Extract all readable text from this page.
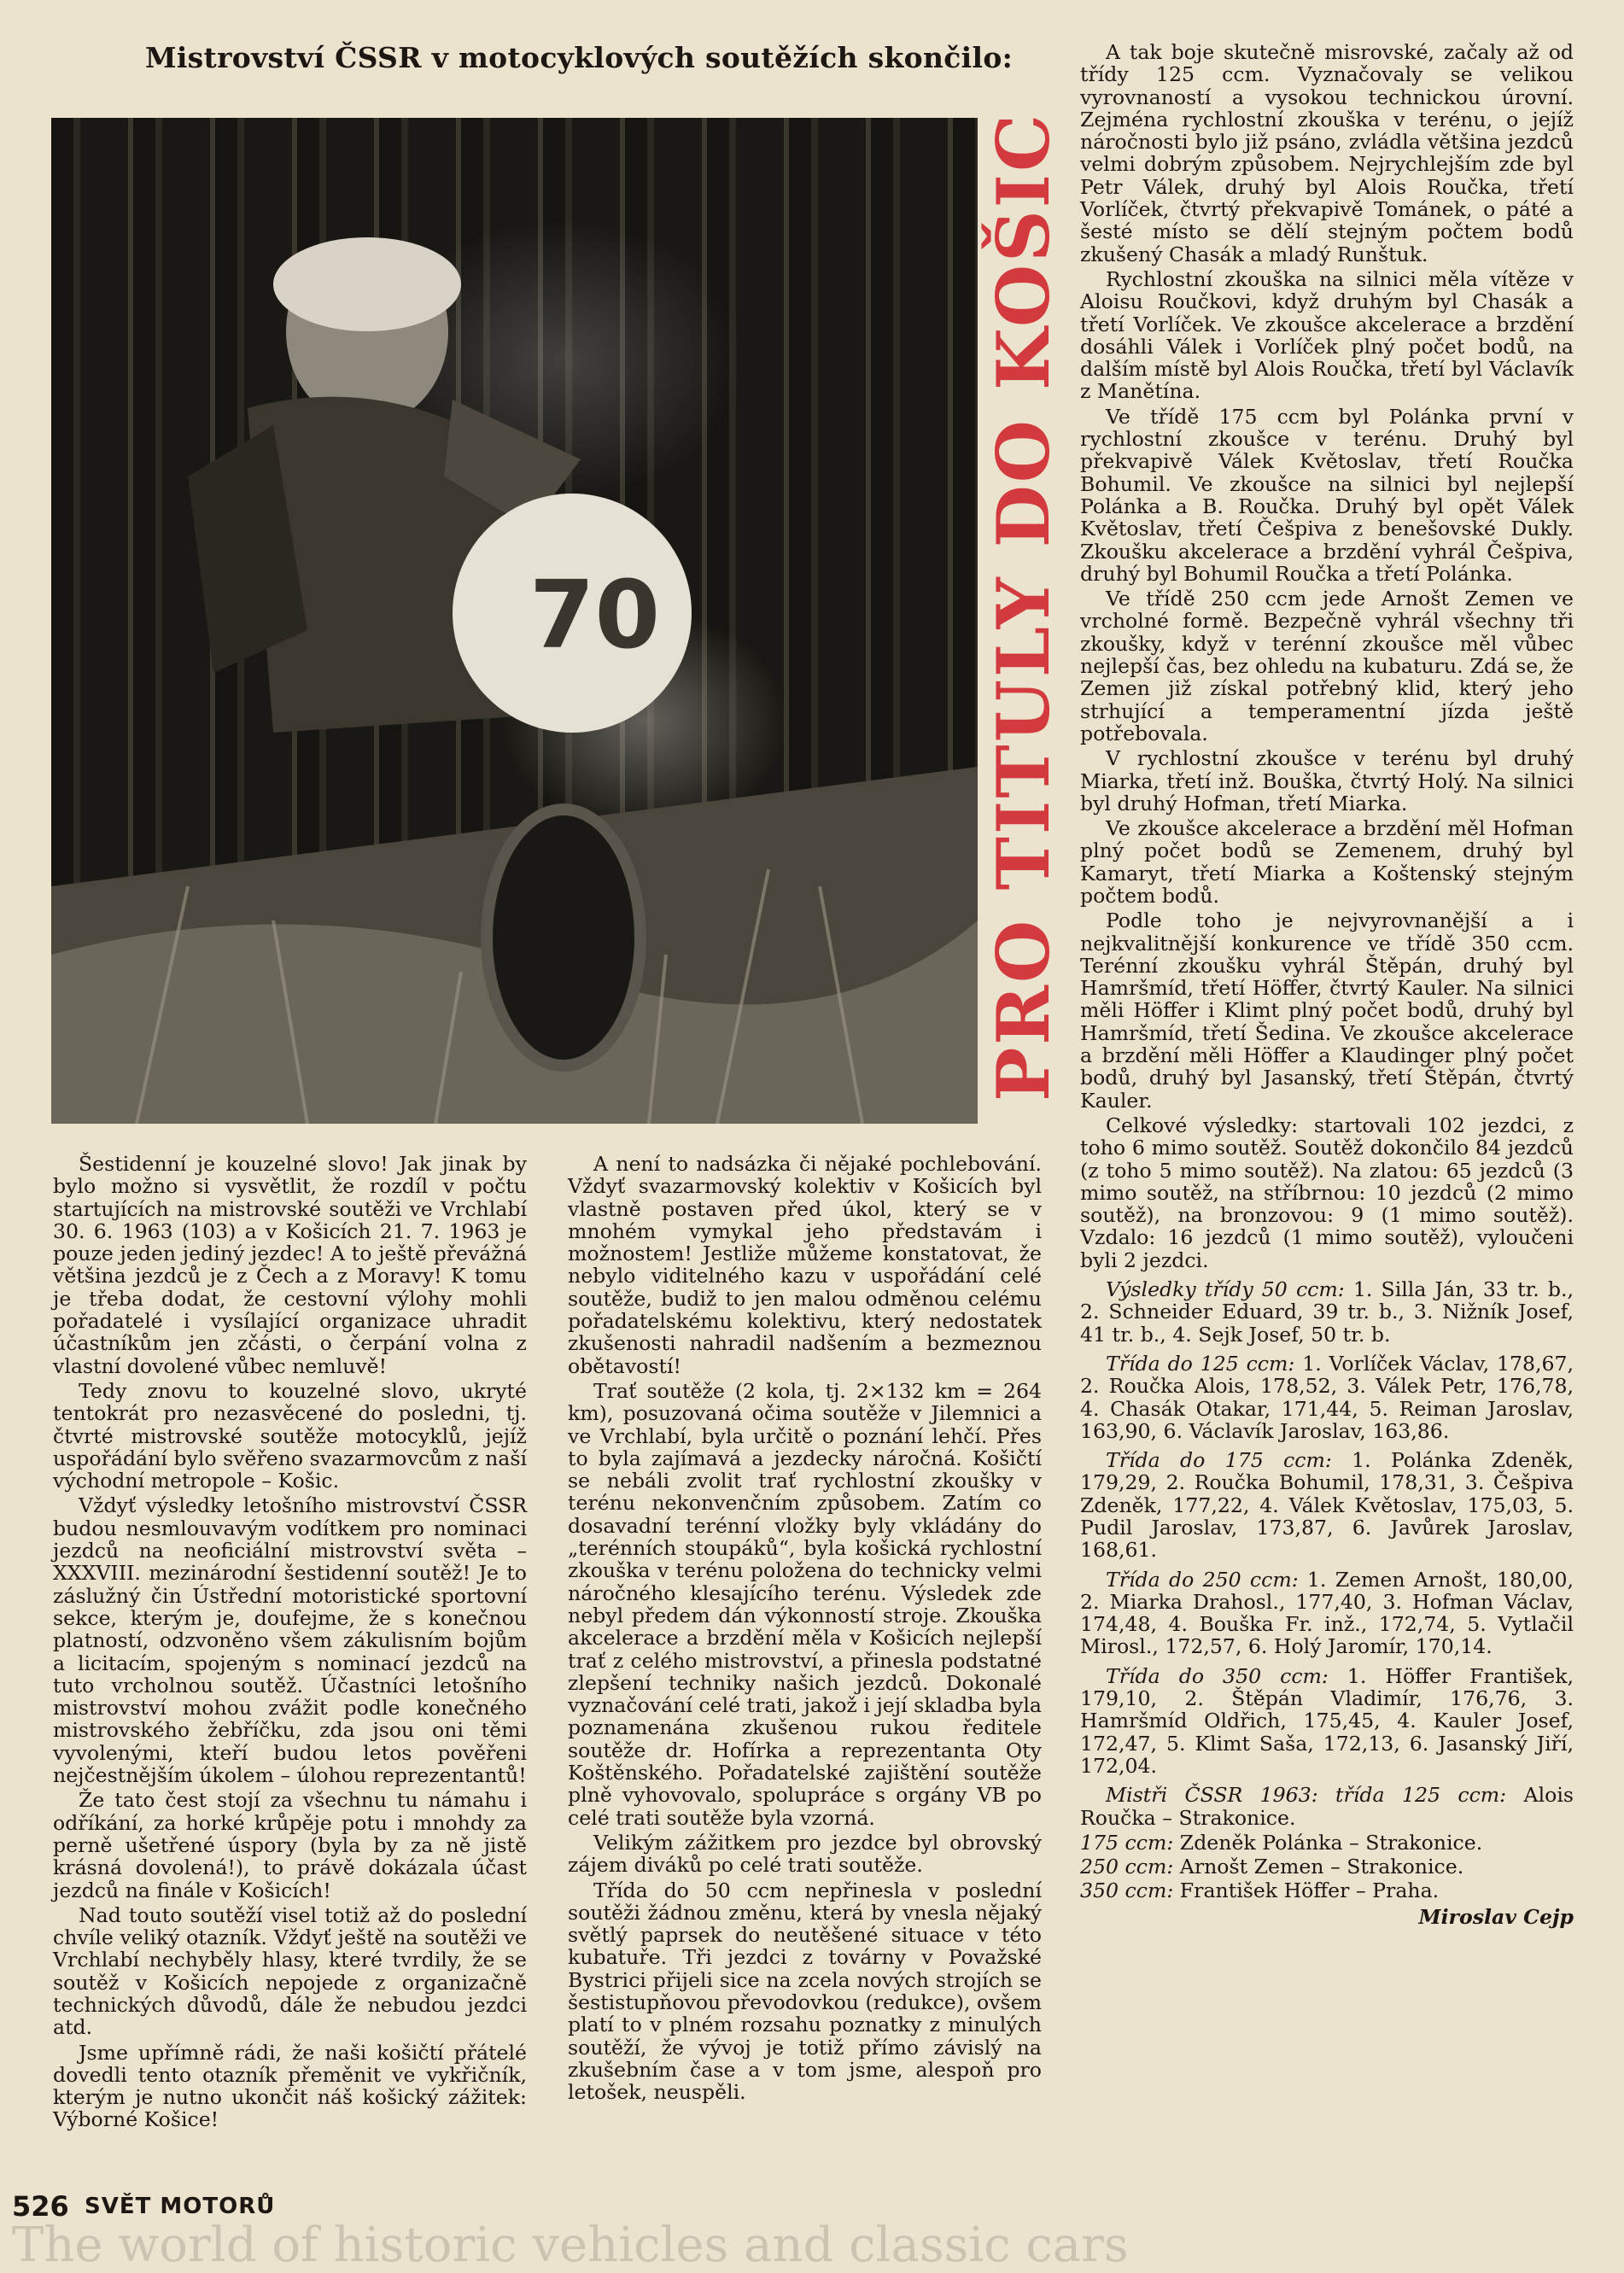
Mistrovství ČSSR v motocyklových soutěžích skončilo:
70	PRO TITULY DO KOŠIC

Šestidenní je kouzelné slovo! Jak jinak by bylo možno si vysvětlit, že rozdíl v počtu startujících na mistrovské soutěži ve Vrchlabí 30. 6. 1963 (103) a v Košicích 21. 7. 1963 je pouze jeden jediný jezdec! A to ještě převážná většina jezdců je z Čech a z Moravy! K tomu je třeba dodat, že cestovní výlohy mohli pořadatelé i vysílající organizace uhradit účastníkům jen zčásti, o čerpání volna z vlastní dovolené vůbec nemluvě!

Tedy znovu to kouzelné slovo, ukryté tentokrát pro nezasvěcené do posledni, tj. čtvrté mistrovské soutěže motocyklů, jejíž uspořádání bylo svěřeno svazarmovcům z naší východní metropole – Košic.

Vždyť výsledky letošního mistrovství ČSSR budou nesmlouvavým vodítkem pro nominaci jezdců na neoficiální mistrovství světa – XXXVIII. mezinárodní šestidenní soutěž! Je to záslužný čin Ústřední motoristické sportovní sekce, kterým je, doufejme, že s konečnou platností, odzvoněno všem zákulisním bojům a licitacím, spojeným s nominací jezdců na tuto vrcholnou soutěž. Účastníci letošního mistrovství mohou zvážit podle konečného mistrovského žebříčku, zda jsou oni těmi vyvolenými, kteří budou letos pověřeni nejčestnějším úkolem – úlohou reprezentantů!

Že tato čest stojí za všechnu tu námahu i odříkání, za horké krůpěje potu i mnohdy za perně ušetřené úspory (byla by za ně jistě krásná dovolená!), to právě dokázala účast jezdců na finále v Košicích!

Nad touto soutěží visel totiž až do poslední chvíle veliký otazník. Vždyť ještě na soutěži ve Vrchlabí nechyběly hlasy, které tvrdily, že se soutěž v Košicích nepojede z organizačně technických důvodů, dále že nebudou jezdci atd.

Jsme upřímně rádi, že naši košičtí přátelé dovedli tento otazník přeměnit ve vykřičník, kterým je nutno ukončit náš košický zážitek: Výborné Košice!

A není to nadsázka či nějaké pochlebování. Vždyť svazarmovský kolektiv v Košicích byl vlastně postaven před úkol, který se v mnohém vymykal jeho představám i možnostem! Jestliže můžeme konstatovat, že nebylo viditelného kazu v uspořádání celé soutěže, budiž to jen malou odměnou celému pořadatelskému kolektivu, který nedostatek zkušenosti nahradil nadšením a bezmeznou obětavostí!

Trať soutěže (2 kola, tj. 2×132 km = 264 km), posuzovaná očima soutěže v Jilemnici a ve Vrchlabí, byla určitě o poznání lehčí. Přes to byla zajímavá a jezdecky náročná. Košičtí se nebáli zvolit trať rychlostní zkoušky v terénu nekonvenčním způsobem. Zatím co dosavadní terénní vložky byly vkládány do „terénních stoupáků“, byla košická rychlostní zkouška v terénu položena do technicky velmi náročného klesajícího terénu. Výsledek zde nebyl předem dán výkonností stroje. Zkouška akcelerace a brzdění měla v Košicích nejlepší trať z celého mistrovství, a přinesla podstatné zlepšení techniky našich jezdců. Dokonalé vyznačování celé trati, jakož i její skladba byla poznamenána zkušenou rukou ředitele soutěže dr. Hofírka a reprezentanta Oty Koštěnského. Pořadatelské zajištění soutěže plně vyhovovalo, spolupráce s orgány VB po celé trati soutěže byla vzorná.

Velikým zážitkem pro jezdce byl obrovský zájem diváků po celé trati soutěže.

Třída do 50 ccm nepřinesla v poslední soutěži žádnou změnu, která by vnesla nějaký světlý paprsek do neutěšené situace v této kubatuře. Tři jezdci z továrny v Považské Bystrici přijeli sice na zcela nových strojích se šestistupňovou převodovkou (redukce), ovšem platí to v plném rozsahu poznatky z minulých soutěží, že vývoj je totiž přímo závislý na zkušebním čase a v tom jsme, alespoň pro letošek, neuspěli.

A tak boje skutečně misrovské, začaly až od třídy 125 ccm. Vyznačovaly se velikou vyrovnaností a vysokou technickou úrovní. Zejména rychlostní zkouška v terénu, o jejíž náročnosti bylo již psáno, zvládla většina jezdců velmi dobrým způsobem. Nejrychlejším zde byl Petr Válek, druhý byl Alois Roučka, třetí Vorlíček, čtvrtý překvapivě Tománek, o páté a šesté místo se dělí stejným počtem bodů zkušený Chasák a mladý Runštuk.

Rychlostní zkouška na silnici měla vítěze v Aloisu Roučkovi, když druhým byl Chasák a třetí Vorlíček. Ve zkoušce akcelerace a brzdění dosáhli Válek i Vorlíček plný počet bodů, na dalším místě byl Alois Roučka, třetí byl Václavík z Manětína.

Ve třídě 175 ccm byl Polánka první v rychlostní zkoušce v terénu. Druhý byl překvapivě Válek Květoslav, třetí Roučka Bohumil. Ve zkoušce na silnici byl nejlepší Polánka a B. Roučka. Druhý byl opět Válek Květoslav, třetí Češpiva z benešovské Dukly. Zkoušku akcelerace a brzdění vyhrál Češpiva, druhý byl Bohumil Roučka a třetí Polánka.

Ve třídě 250 ccm jede Arnošt Zemen ve vrcholné formě. Bezpečně vyhrál všechny tři zkoušky, když v terénní zkoušce měl vůbec nejlepší čas, bez ohledu na kubaturu. Zdá se, že Zemen již získal potřebný klid, který jeho strhující a temperamentní jízda ještě potřebovala.

V rychlostní zkoušce v terénu byl druhý Miarka, třetí inž. Bouška, čtvrtý Holý. Na silnici byl druhý Hofman, třetí Miarka.

Ve zkoušce akcelerace a brzdění měl Hofman plný počet bodů se Zemenem, druhý byl Kamaryt, třetí Miarka a Koštenský stejným počtem bodů.

Podle toho je nejvyrovnanější a i nejkvalitnější konkurence ve třídě 350 ccm. Terénní zkoušku vyhrál Štěpán, druhý byl Hamršmíd, třetí Höffer, čtvrtý Kauler. Na silnici měli Höffer i Klimt plný počet bodů, druhý byl Hamršmíd, třetí Šedina. Ve zkoušce akcelerace a brzdění měli Höffer a Klaudinger plný počet bodů, druhý byl Jasanský, třetí Štěpán, čtvrtý Kauler.

Celkové výsledky: startovali 102 jezdci, z toho 6 mimo soutěž. Soutěž dokončilo 84 jezdců (z toho 5 mimo soutěž). Na zlatou: 65 jezdců (3 mimo soutěž, na stříbrnou: 10 jezdců (2 mimo soutěž), na bronzovou: 9 (1 mimo soutěž). Vzdalo: 16 jezdců (1 mimo soutěž), vyloučeni byli 2 jezdci.

Výsledky třídy 50 ccm: 1. Silla Ján, 33 tr. b., 2. Schneider Eduard, 39 tr. b., 3. Nižník Josef, 41 tr. b., 4. Sejk Josef, 50 tr. b.

Třída do 125 ccm: 1. Vorlíček Václav, 178,67, 2. Roučka Alois, 178,52, 3. Válek Petr, 176,78, 4. Chasák Otakar, 171,44, 5. Reiman Jaroslav, 163,90, 6. Václavík Jaroslav, 163,86.

Třída do 175 ccm: 1. Polánka Zdeněk, 179,29, 2. Roučka Bohumil, 178,31, 3. Češpiva Zdeněk, 177,22, 4. Válek Květoslav, 175,03, 5. Pudil Jaroslav, 173,87, 6. Javůrek Jaroslav, 168,61.

Třída do 250 ccm: 1. Zemen Arnošt, 180,00, 2. Miarka Drahosl., 177,40, 3. Hofman Václav, 174,48, 4. Bouška Fr. inž., 172,74, 5. Vytlačil Mirosl., 172,57, 6. Holý Jaromír, 170,14.

Třída do 350 ccm: 1. Höffer František, 179,10, 2. Štěpán Vladimír, 176,76, 3. Hamršmíd Oldřich, 175,45, 4. Kauler Josef, 172,47, 5. Klimt Saša, 172,13, 6. Jasanský Jiří, 172,04.

Mistři ČSSR 1963: třída 125 ccm: Alois Roučka – Strakonice.

175 ccm: Zdeněk Polánka – Strakonice.

250 ccm: Arnošt Zemen – Strakonice.

350 ccm: František Höffer – Praha.

Miroslav Cejp

526 SVĚT MOTORŮ
The world of historic vehicles and classic cars
